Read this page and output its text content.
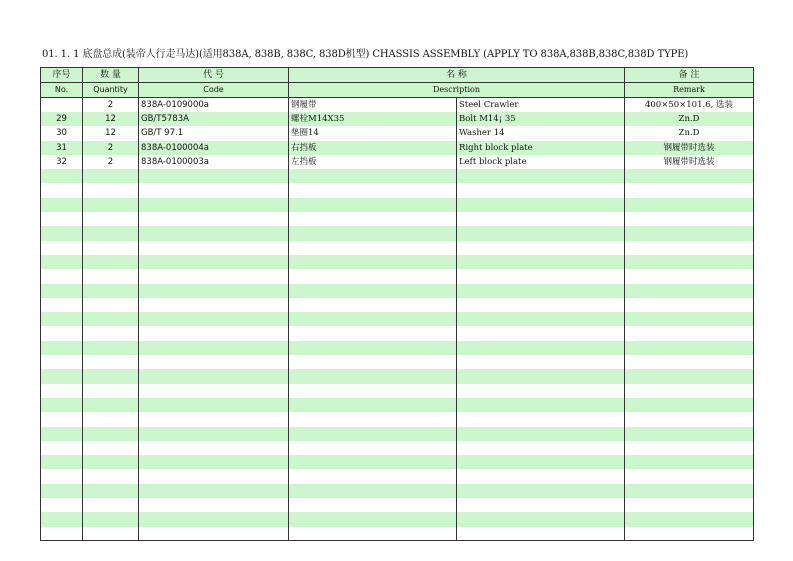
01. 1. 1 底盘总成(装帝人行走马达)(适用838A, 838B, 838C, 838D机型) CHASSIS ASSEMBLY (APPLY TO 838A,838B,838C,838D TYPE)
序号	数 量	代 号	名 称		备 注
No.	Quantity	Code	Description		Remark
	2	838A-0109000a	钢履带	Steel Crawler	400×50×101.6, 选装
29	12	GB/T5783A	螺栓M14X35	Bolt M14¡ 35	Zn.D
30	12	GB/T 97.1	垫圈14	Washer 14	Zn.D
31	2	838A-0100004a	右挡板	Right block plate	钢履带时选装
32	2	838A-0100003a	左挡板	Left block plate	钢履带时选装
